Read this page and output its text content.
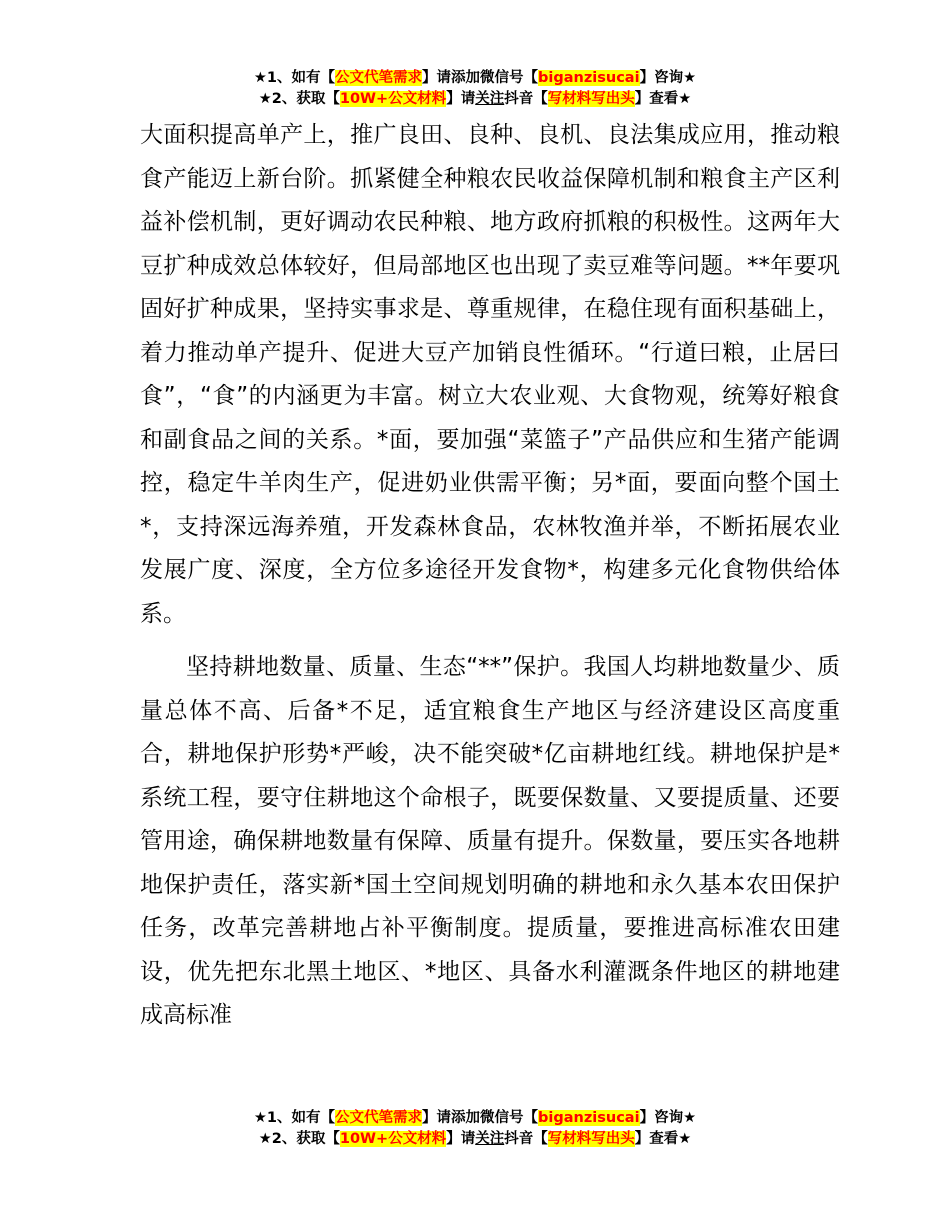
★1、如有【公文代笔需求】请添加微信号【biganzisucai】咨询★
★2、获取【10W+公文材料】请关注抖音【写材料写出头】查看★

大面积提高单产上，推广良田、良种、良机、良法集成应用，推动粮食产能迈上新台阶。抓紧健全种粮农民收益保障机制和粮食主产区利益补偿机制，更好调动农民种粮、地方政府抓粮的积极性。这两年大豆扩种成效总体较好，但局部地区也出现了卖豆难等问题。**年要巩固好扩种成果，坚持实事求是、尊重规律，在稳住现有面积基础上，着力推动单产提升、促进大豆产加销良性循环。“行道曰粮，止居曰食”，“食”的内涵更为丰富。树立大农业观、大食物观，统筹好粮食和副食品之间的关系。*面，要加强“菜篮子”产品供应和生猪产能调控，稳定牛羊肉生产，促进奶业供需平衡；另*面，要面向整个国土*，支持深远海养殖，开发森林食品，农林牧渔并举，不断拓展农业发展广度、深度，全方位多途径开发食物*，构建多元化食物供给体系。

坚持耕地数量、质量、生态“**”保护。我国人均耕地数量少、质量总体不高、后备*不足，适宜粮食生产地区与经济建设区高度重合，耕地保护形势*严峻，决不能突破*亿亩耕地红线。耕地保护是*系统工程，要守住耕地这个命根子，既要保数量、又要提质量、还要管用途，确保耕地数量有保障、质量有提升。保数量，要压实各地耕地保护责任，落实新*国土空间规划明确的耕地和永久基本农田保护任务，改革完善耕地占补平衡制度。提质量，要推进高标准农田建设，优先把东北黑土地区、*地区、具备水利灌溉条件地区的耕地建成高标准

★1、如有【公文代笔需求】请添加微信号【biganzisucai】咨询★
★2、获取【10W+公文材料】请关注抖音【写材料写出头】查看★
